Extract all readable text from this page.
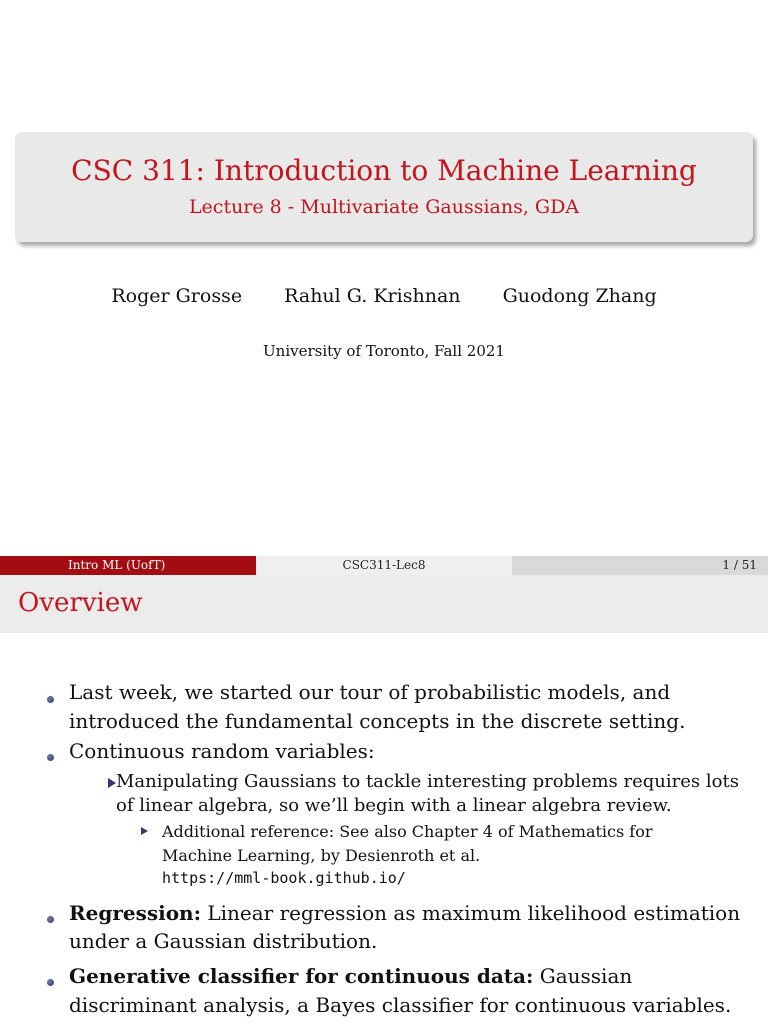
CSC 311: Introduction to Machine Learning
Lecture 8 - Multivariate Gaussians, GDA
Roger Grosse Rahul G. Krishnan Guodong Zhang
University of Toronto, Fall 2021
Intro ML (UofT)	CSC311-Lec8	1 / 51
Overview
Last week, we started our tour of probabilistic models, and
introduced the fundamental concepts in the discrete setting.
Continuous random variables:
Manipulating Gaussians to tackle interesting problems requires lots
of linear algebra, so we’ll begin with a linear algebra review.
Additional reference: See also Chapter 4 of Mathematics for
Machine Learning, by Desienroth et al.
https://mml-book.github.io/
Regression: Linear regression as maximum likelihood estimation
under a Gaussian distribution.
Generative classifier for continuous data: Gaussian
discriminant analysis, a Bayes classifier for continuous variables.
